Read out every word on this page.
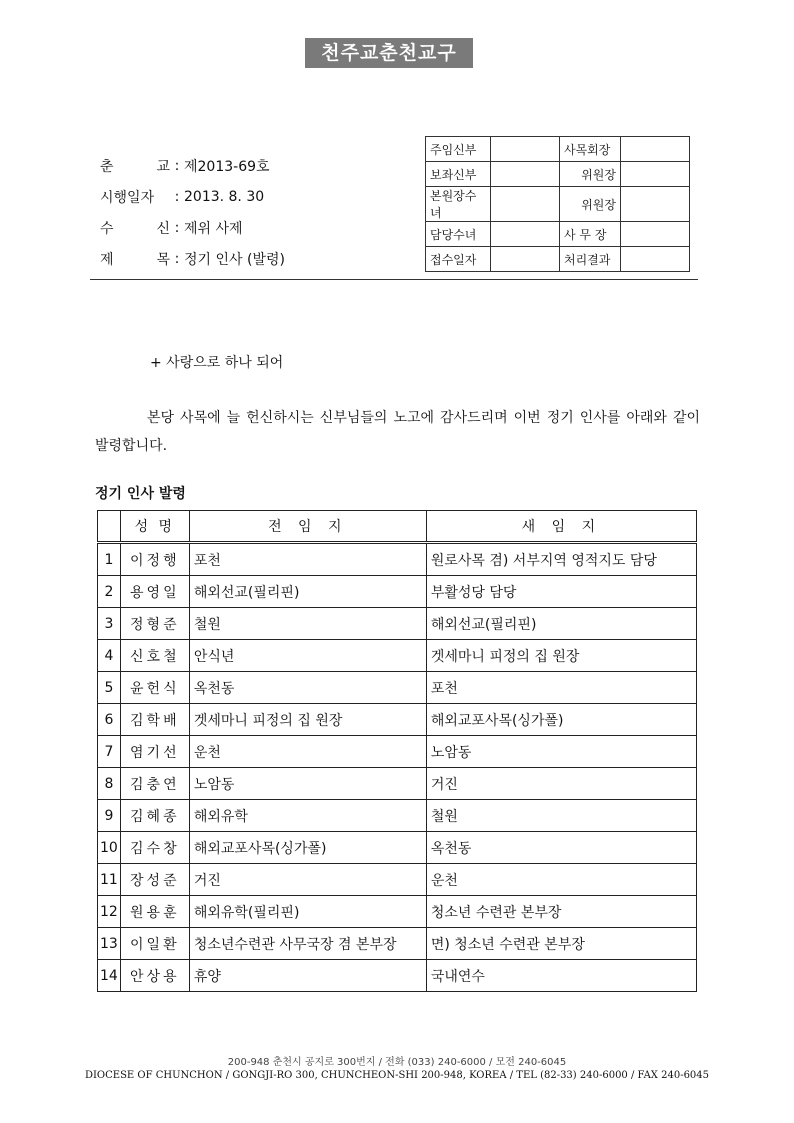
천주교춘천교구
춘 교 : 제2013-69호
시행일자	: 2013. 8. 30
수 신 : 제위 사제
제 목 : 정기 인사 (발령)
주임신부		사목회장	
보좌신부		위원장	
본원장수녀		위원장	
담당수녀		사 무 장	
접수일자		처리결과	
+ 사랑으로 하나 되어
본당 사목에 늘 헌신하시는 신부님들의 노고에 감사드리며 이번 정기 인사를 아래와 같이 발령합니다.
정기 인사 발령
	성 명	전 임 지	새 임 지
1	이정행	포천	원로사목 겸) 서부지역 영적지도 담당
2	용영일	해외선교(필리핀)	부활성당 담당
3	정형준	철원	해외선교(필리핀)
4	신호철	안식년	겟세마니 피정의 집 원장
5	윤헌식	옥천동	포천
6	김학배	겟세마니 피정의 집 원장	해외교포사목(싱가폴)
7	염기선	운천	노암동
8	김충연	노암동	거진
9	김혜종	해외유학	철원
10	김수창	해외교포사목(싱가폴)	옥천동
11	장성준	거진	운천
12	원용훈	해외유학(필리핀)	청소년 수련관 본부장
13	이일환	청소년수련관 사무국장 겸 본부장	면) 청소년 수련관 본부장
14	안상용	휴양	국내연수
200-948 춘천시 공지로 300번지 / 전화 (033) 240-6000 / 모전 240-6045
DIOCESE OF CHUNCHON / GONGJI-RO 300, CHUNCHEON-SHI 200-948, KOREA / TEL (82-33) 240-6000 / FAX 240-6045
